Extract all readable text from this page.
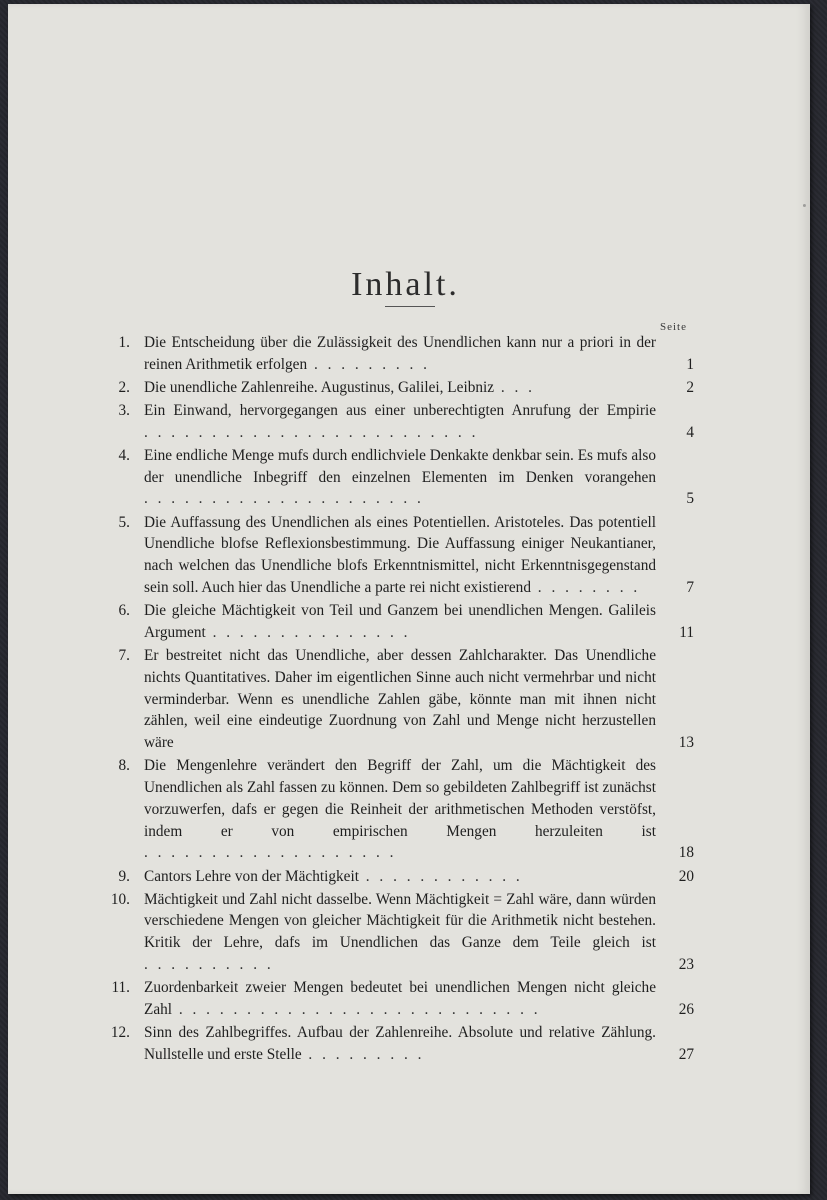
Inhalt.
Seite
1. Die Entscheidung über die Zulässigkeit des Unendlichen kann nur a priori in der reinen Arithmetik erfolgen . . . . . . . . .	1
2. Die unendliche Zahlenreihe. Augustinus, Galilei, Leibniz . . .	2
3. Ein Einwand, hervorgegangen aus einer unberechtigten Anrufung der Empirie . . . . . . . . . . . . . . . . . . . . . . . . .	4
4. Eine endliche Menge mufs durch endlichviele Denkakte denkbar sein. Es mufs also der unendliche Inbegriff den einzelnen Elementen im Denken vorangehen . . . . . . . . . . . . . . . . . . . . .	5
5. Die Auffassung des Unendlichen als eines Potentiellen. Aristoteles. Das potentiell Unendliche blofse Reflexionsbestimmung. Die Auffassung einiger Neukantianer, nach welchen das Unendliche blofs Erkenntnismittel, nicht Erkenntnisgegenstand sein soll. Auch hier das Unendliche a parte rei nicht existierend . . . . . . . .	7
6. Die gleiche Mächtigkeit von Teil und Ganzem bei unendlichen Mengen. Galileis Argument . . . . . . . . . . . . . . .	11
7. Er bestreitet nicht das Unendliche, aber dessen Zahlcharakter. Das Unendliche nichts Quantitatives. Daher im eigentlichen Sinne auch nicht vermehrbar und nicht verminderbar. Wenn es unendliche Zahlen gäbe, könnte man mit ihnen nicht zählen, weil eine eindeutige Zuordnung von Zahl und Menge nicht herzustellen wäre	13
8. Die Mengenlehre verändert den Begriff der Zahl, um die Mächtigkeit des Unendlichen als Zahl fassen zu können. Dem so gebildeten Zahlbegriff ist zunächst vorzuwerfen, dafs er gegen die Reinheit der arithmetischen Methoden verstöfst, indem er von empirischen Mengen herzuleiten ist . . . . . . . . . . . . . . . . . . .	18
9. Cantors Lehre von der Mächtigkeit . . . . . . . . . . . .	20
10. Mächtigkeit und Zahl nicht dasselbe. Wenn Mächtigkeit = Zahl wäre, dann würden verschiedene Mengen von gleicher Mächtigkeit für die Arithmetik nicht bestehen. Kritik der Lehre, dafs im Unendlichen das Ganze dem Teile gleich ist . . . . . . . . . .	23
11. Zuordenbarkeit zweier Mengen bedeutet bei unendlichen Mengen nicht gleiche Zahl . . . . . . . . . . . . . . . . . . . . . . . . . . .	26
12. Sinn des Zahlbegriffes. Aufbau der Zahlenreihe. Absolute und relative Zählung. Nullstelle und erste Stelle . . . . . . . . .	27
